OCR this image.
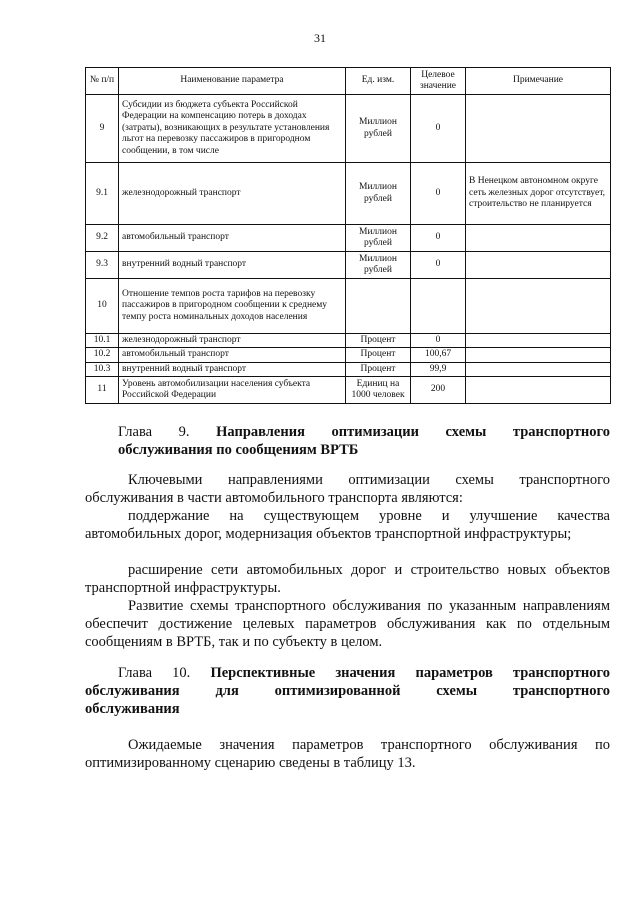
31
№ п/п	Наименование параметра	Ед. изм.	Целевое значение	Примечание
9	Субсидии из бюджета субъекта Российской Федерации на компенсацию потерь в доходах (затраты), возникающих в результате установления льгот на перевозку пассажиров в пригородном сообщении, в том числе	Миллион рублей	0	
9.1	железнодорожный транспорт	Миллион рублей	0	В Ненецком автономном округе сеть железных дорог отсутствует, строительство не планируется
9.2	автомобильный транспорт	Миллион рублей	0	
9.3	внутренний водный транспорт	Миллион рублей	0	
10	Отношение темпов роста тарифов на перевозку пассажиров в пригородном сообщении к среднему темпу роста номинальных доходов населения			
10.1	железнодорожный транспорт	Процент	0	
10.2	автомобильный транспорт	Процент	100,67	
10.3	внутренний водный транспорт	Процент	99,9	
11	Уровень автомобилизации населения субъекта Российской Федерации	Единиц на 1000 человек	200	
Глава 9. Направления оптимизации схемы транспортного
обслуживания по сообщениям ВРТБ
Ключевыми направлениями оптимизации схемы транспортного обслуживания в части автомобильного транспорта являются:
поддержание на существующем уровне и улучшение качества автомобильных дорог, модернизация объектов транспортной инфраструктуры;
расширение сети автомобильных дорог и строительство новых объектов транспортной инфраструктуры.
Развитие схемы транспортного обслуживания по указанным направлениям обеспечит достижение целевых параметров обслуживания как по отдельным сообщениям в ВРТБ, так и по субъекту в целом.
Глава 10. Перспективные значения параметров транспортного
обслуживания для оптимизированной схемы транспортного
обслуживания
Ожидаемые значения параметров транспортного обслуживания по оптимизированному сценарию сведены в таблицу 13.
